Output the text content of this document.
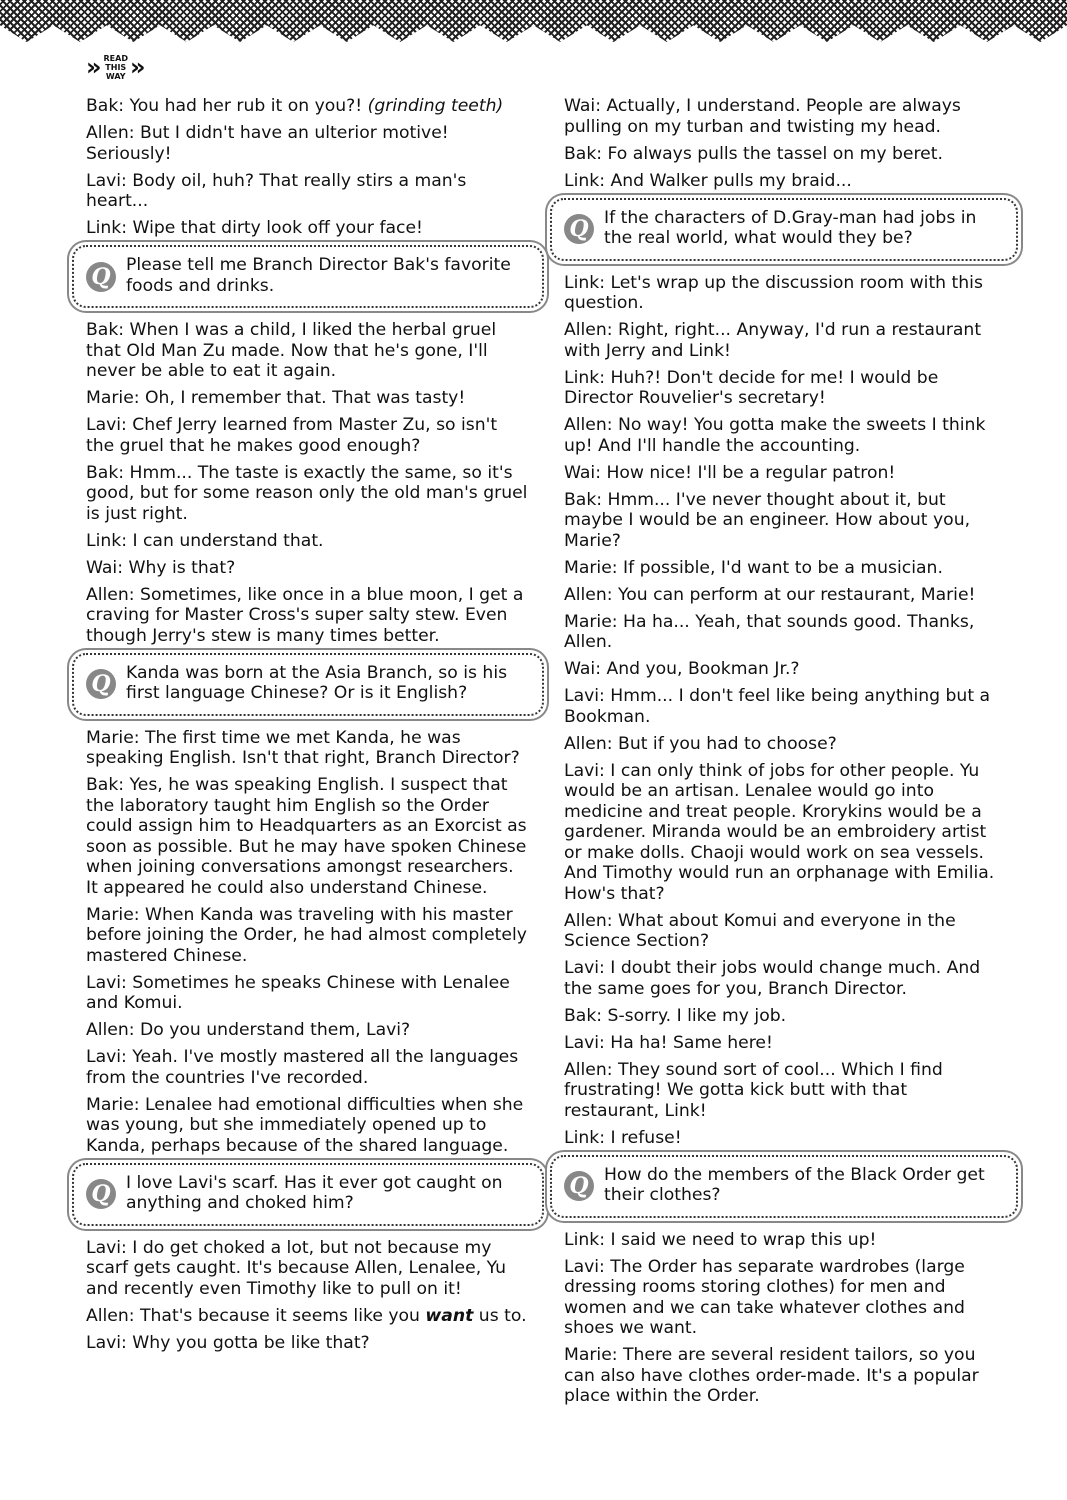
» READ
THIS
WAY »
Bak: You had her rub it on you?! (grinding teeth)
Allen: But I didn't have an ulterior motive! Seriously!
Lavi: Body oil, huh? That really stirs a man's heart...
Link: Wipe that dirty look off your face!
Q Please tell me Branch Director Bak's favorite foods and drinks.
Bak: When I was a child, I liked the herbal gruel that Old Man Zu made. Now that he's gone, I'll never be able to eat it again.
Marie: Oh, I remember that. That was tasty!
Lavi: Chef Jerry learned from Master Zu, so isn't the gruel that he makes good enough?
Bak: Hmm... The taste is exactly the same, so it's good, but for some reason only the old man's gruel is just right.
Link: I can understand that.
Wai: Why is that?
Allen: Sometimes, like once in a blue moon, I get a craving for Master Cross's super salty stew. Even though Jerry's stew is many times better.
Q Kanda was born at the Asia Branch, so is his first language Chinese? Or is it English?
Marie: The first time we met Kanda, he was speaking English. Isn't that right, Branch Director?
Bak: Yes, he was speaking English. I suspect that the laboratory taught him English so the Order could assign him to Headquarters as an Exorcist as soon as possible. But he may have spoken Chinese when joining conversations amongst researchers. It appeared he could also understand Chinese.
Marie: When Kanda was traveling with his master before joining the Order, he had almost completely mastered Chinese.
Lavi: Sometimes he speaks Chinese with Lenalee and Komui.
Allen: Do you understand them, Lavi?
Lavi: Yeah. I've mostly mastered all the languages from the countries I've recorded.
Marie: Lenalee had emotional difficulties when she was young, but she immediately opened up to Kanda, perhaps because of the shared language.
Q I love Lavi's scarf. Has it ever got caught on anything and choked him?
Lavi: I do get choked a lot, but not because my scarf gets caught. It's because Allen, Lenalee, Yu and recently even Timothy like to pull on it!
Allen: That's because it seems like you want us to.
Lavi: Why you gotta be like that?
Wai: Actually, I understand. People are always pulling on my turban and twisting my head.
Bak: Fo always pulls the tassel on my beret.
Link: And Walker pulls my braid...
Q If the characters of D.Gray-man had jobs in the real world, what would they be?
Link: Let's wrap up the discussion room with this question.
Allen: Right, right... Anyway, I'd run a restaurant with Jerry and Link!
Link: Huh?! Don't decide for me! I would be Director Rouvelier's secretary!
Allen: No way! You gotta make the sweets I think up! And I'll handle the accounting.
Wai: How nice! I'll be a regular patron!
Bak: Hmm... I've never thought about it, but maybe I would be an engineer. How about you, Marie?
Marie: If possible, I'd want to be a musician.
Allen: You can perform at our restaurant, Marie!
Marie: Ha ha... Yeah, that sounds good. Thanks, Allen.
Wai: And you, Bookman Jr.?
Lavi: Hmm... I don't feel like being anything but a Bookman.
Allen: But if you had to choose?
Lavi: I can only think of jobs for other people. Yu would be an artisan. Lenalee would go into medicine and treat people. Krorykins would be a gardener. Miranda would be an embroidery artist or make dolls. Chaoji would work on sea vessels. And Timothy would run an orphanage with Emilia. How's that?
Allen: What about Komui and everyone in the Science Section?
Lavi: I doubt their jobs would change much. And the same goes for you, Branch Director.
Bak: S-sorry. I like my job.
Lavi: Ha ha! Same here!
Allen: They sound sort of cool... Which I find frustrating! We gotta kick butt with that restaurant, Link!
Link: I refuse!
Q How do the members of the Black Order get their clothes?
Link: I said we need to wrap this up!
Lavi: The Order has separate wardrobes (large dressing rooms storing clothes) for men and women and we can take whatever clothes and shoes we want.
Marie: There are several resident tailors, so you can also have clothes order-made. It's a popular place within the Order.
